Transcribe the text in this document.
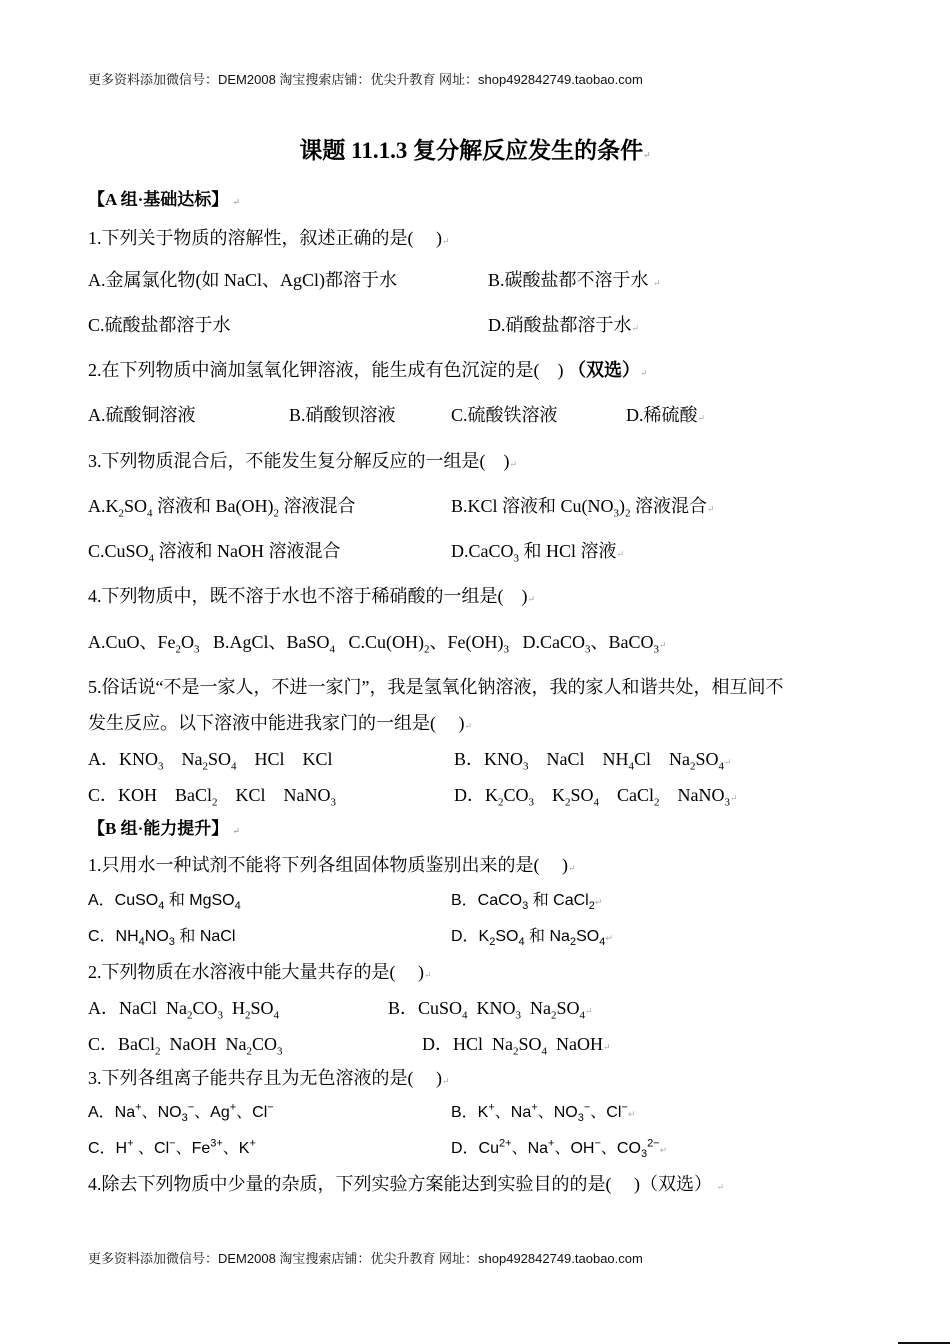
更多资料添加微信号：DEM2008 淘宝搜索店铺：优尖升教育 网址：shop492842749.taobao.com
课题 11.1.3 复分解反应发生的条件↵
【A 组·基础达标】 ↵
1.下列关于物质的溶解性，叙述正确的是(　 )↵
A.金属氯化物(如 NaCl、AgCl)都溶于水	B.碳酸盐都不溶于水 ↵
C.硫酸盐都溶于水	D.硝酸盐都溶于水↵
2.在下列物质中滴加氢氧化钾溶液，能生成有色沉淀的是(　) （双选）↵
A.硫酸铜溶液	B.硝酸钡溶液	C.硫酸铁溶液	D.稀硫酸↵
3.下列物质混合后，不能发生复分解反应的一组是(　)↵
$A.K_2SO_4$ 溶液和 $Ba(OH)_2$ 溶液混合	B.KCl 溶液和 $Cu(NO_3)_2$ 溶液混合↵
C.CuSO$_4$ 溶液和 NaOH 溶液混合	D.CaCO$_3$ 和 HCl 溶液↵
4.下列物质中，既不溶于水也不溶于稀硝酸的一组是(　)↵
A.CuO、$Fe_2O_3$   B.AgCl、BaSO$_4$   $C.Cu(OH)_2$、$Fe(OH)_3$   D.CaCO$_3$、BaCO$_3$↵
5.俗话说“不是一家人，不进一家门”，我是氢氧化钠溶液，我的家人和谐共处，相互间不
发生反应。以下溶液中能进我家门的一组是(　 )↵
A．$KNO_3$    $Na_2SO_4$    HCl    KCl	B．$KNO_3$    NaCl    $NH_4Cl$    $Na_2SO_4↵$
C．KOH    BaCl$_2$    KCl    NaNO$_3$	D．$K_2CO_3$    $K_2SO_4$    CaCl$_2$    NaNO$_3$↵
【B 组·能力提升】 ↵
1.只用水一种试剂不能将下列各组固体物质鉴别出来的是(　 )↵
A．CuSO$_4$ 和 MgSO$_4$	B．CaCO$_3$ 和 CaCl$_2$↵
C．$NH_4NO_3$ 和 NaCl	D．$K_2SO_4$ 和 $Na_2SO_4↵$
2.下列物质在水溶液中能大量共存的是(　 )↵
A．NaCl  $Na_2CO_3$  $H_2SO_4$	B．CuSO$_4$  $KNO_3$  $Na_2SO_4↵$
C．BaCl$_2$  NaOH  $Na_2CO_3$	D．HCl  $Na_2SO_4$  NaOH↵
3.下列各组离子能共存且为无色溶液的是(　 )↵
A．Na+、$NO_3^-$、Ag+、Cl−	B．K+、Na+、$NO_3^-$、Cl−↵
C．H+ 、Cl−、$Fe^{3+}$、K+	D．$Cu^{2+}$、Na+、OH−、$CO_3^{2-}↵$
4.除去下列物质中少量的杂质，下列实验方案能达到实验目的的是(　 )（双选） ↵
更多资料添加微信号：DEM2008 淘宝搜索店铺：优尖升教育 网址：shop492842749.taobao.com
